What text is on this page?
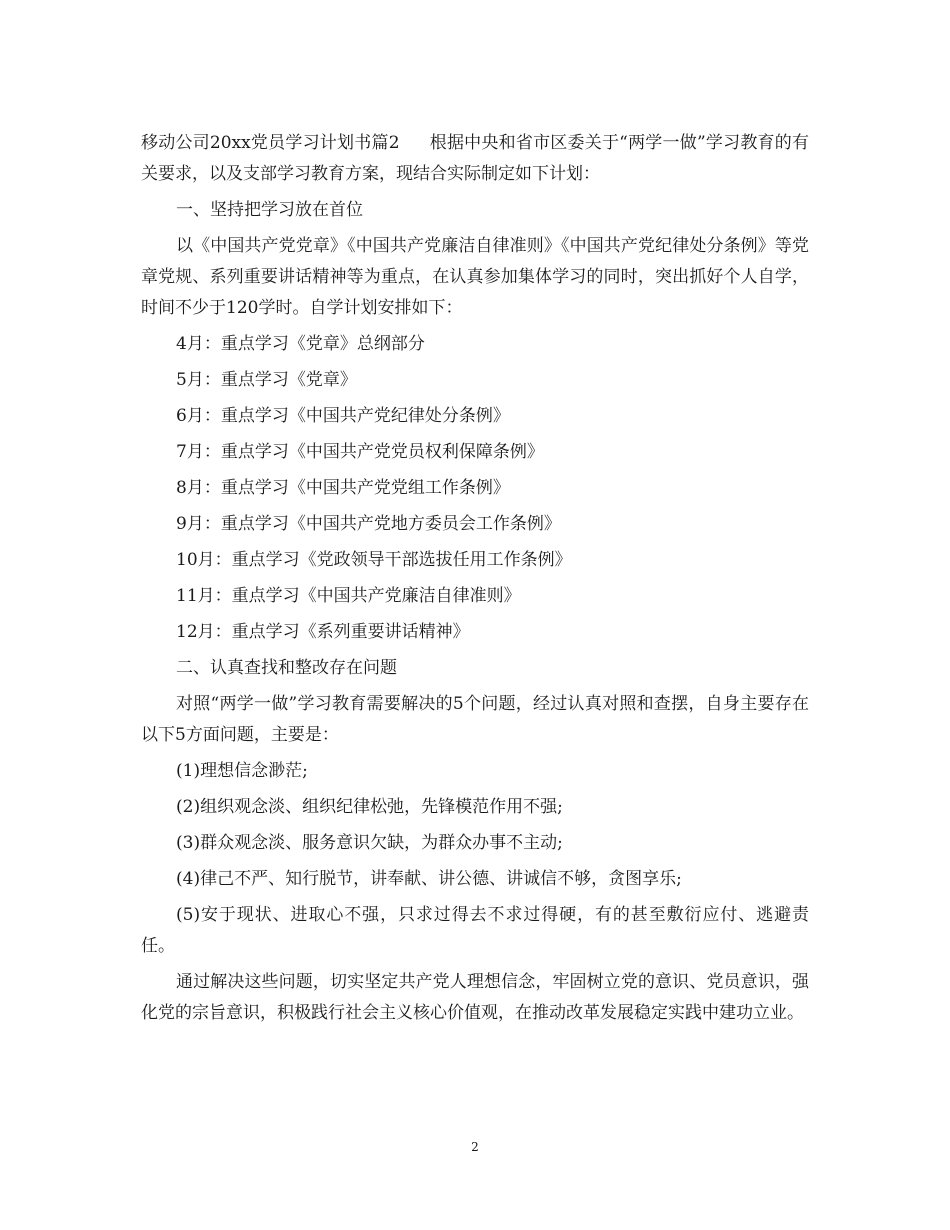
移动公司20xx党员学习计划书篇2 根据中央和省市区委关于“两学一做”学习教育的有关要求，以及支部学习教育方案，现结合实际制定如下计划：

一、坚持把学习放在首位

以《中国共产党党章》《中国共产党廉洁自律准则》《中国共产党纪律处分条例》等党章党规、系列重要讲话精神等为重点，在认真参加集体学习的同时，突出抓好个人自学，时间不少于120学时。自学计划安排如下：

4月：重点学习《党章》总纲部分

5月：重点学习《党章》

6月：重点学习《中国共产党纪律处分条例》

7月：重点学习《中国共产党党员权利保障条例》

8月：重点学习《中国共产党党组工作条例》

9月：重点学习《中国共产党地方委员会工作条例》

10月：重点学习《党政领导干部选拔任用工作条例》

11月：重点学习《中国共产党廉洁自律准则》

12月：重点学习《系列重要讲话精神》

二、认真查找和整改存在问题

对照“两学一做”学习教育需要解决的5个问题，经过认真对照和查摆，自身主要存在以下5方面问题，主要是：

(1)理想信念渺茫;

(2)组织观念淡、组织纪律松弛，先锋模范作用不强;

(3)群众观念淡、服务意识欠缺，为群众办事不主动;

(4)律己不严、知行脱节，讲奉献、讲公德、讲诚信不够，贪图享乐;

(5)安于现状、进取心不强，只求过得去不求过得硬，有的甚至敷衍应付、逃避责任。

通过解决这些问题，切实坚定共产党人理想信念，牢固树立党的意识、党员意识，强化党的宗旨意识，积极践行社会主义核心价值观，在推动改革发展稳定实践中建功立业。

2
